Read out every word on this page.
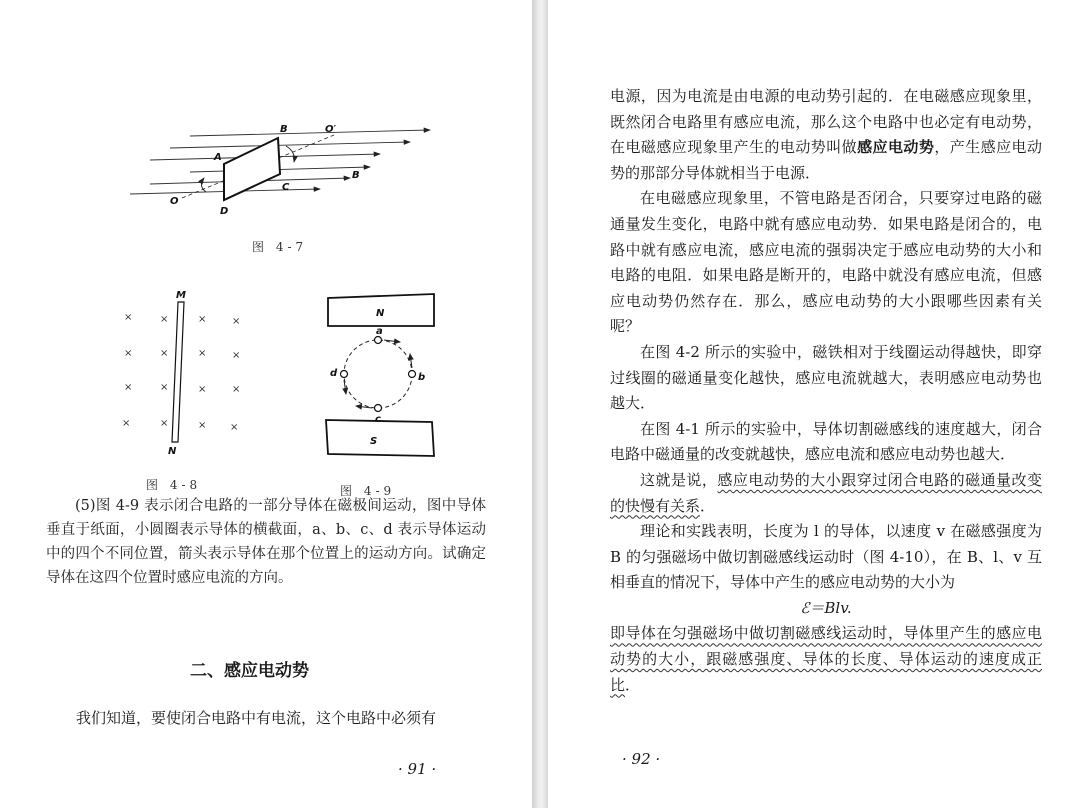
B	O′
A
B
C
O
D
图 4-7
×	×	×	×
×	×	×	×
×	×	×	×
×	×	× ×
M
N
图 4-8
N
S
a
b
c
d
图 4-9

(5)图 4-9 表示闭合电路的一部分导体在磁极间运动，图中导体垂直于纸面，小圆圈表示导体的横截面，a、b、c、d 表示导体运动中的四个不同位置，箭头表示导体在那个位置上的运动方向。试确定导体在这四个位置时感应电流的方向。

二、感应电动势
我们知道，要使闭合电路中有电流，这个电路中必须有
· 91 ·

电源，因为电流是由电源的电动势引起的．在电磁感应现象里，既然闭合电路里有感应电流，那么这个电路中也必定有电动势，在电磁感应现象里产生的电动势叫做感应电动势，产生感应电动势的那部分导体就相当于电源．

在电磁感应现象里，不管电路是否闭合，只要穿过电路的磁通量发生变化，电路中就有感应电动势．如果电路是闭合的，电路中就有感应电流，感应电流的强弱决定于感应电动势的大小和电路的电阻．如果电路是断开的，电路中就没有感应电流，但感应电动势仍然存在．那么，感应电动势的大小跟哪些因素有关呢？

在图 4-2 所示的实验中，磁铁相对于线圈运动得越快，即穿过线圈的磁通量变化越快，感应电流就越大，表明感应电动势也越大．

在图 4-1 所示的实验中，导体切割磁感线的速度越大，闭合电路中磁通量的改变就越快，感应电流和感应电动势也越大．

这就是说，感应电动势的大小跟穿过闭合电路的磁通量改变的快慢有关系．

理论和实践表明，长度为 l 的导体，以速度 v 在磁感强度为 B 的匀强磁场中做切割磁感线运动时（图 4-10），在 B、l、v 互相垂直的情况下，导体中产生的感应电动势的大小为

ℰ＝Blv.

即导体在匀强磁场中做切割磁感线运动时，导体里产生的感应电动势的大小，跟磁感强度、导体的长度、导体运动的速度成正比．

· 92 ·
